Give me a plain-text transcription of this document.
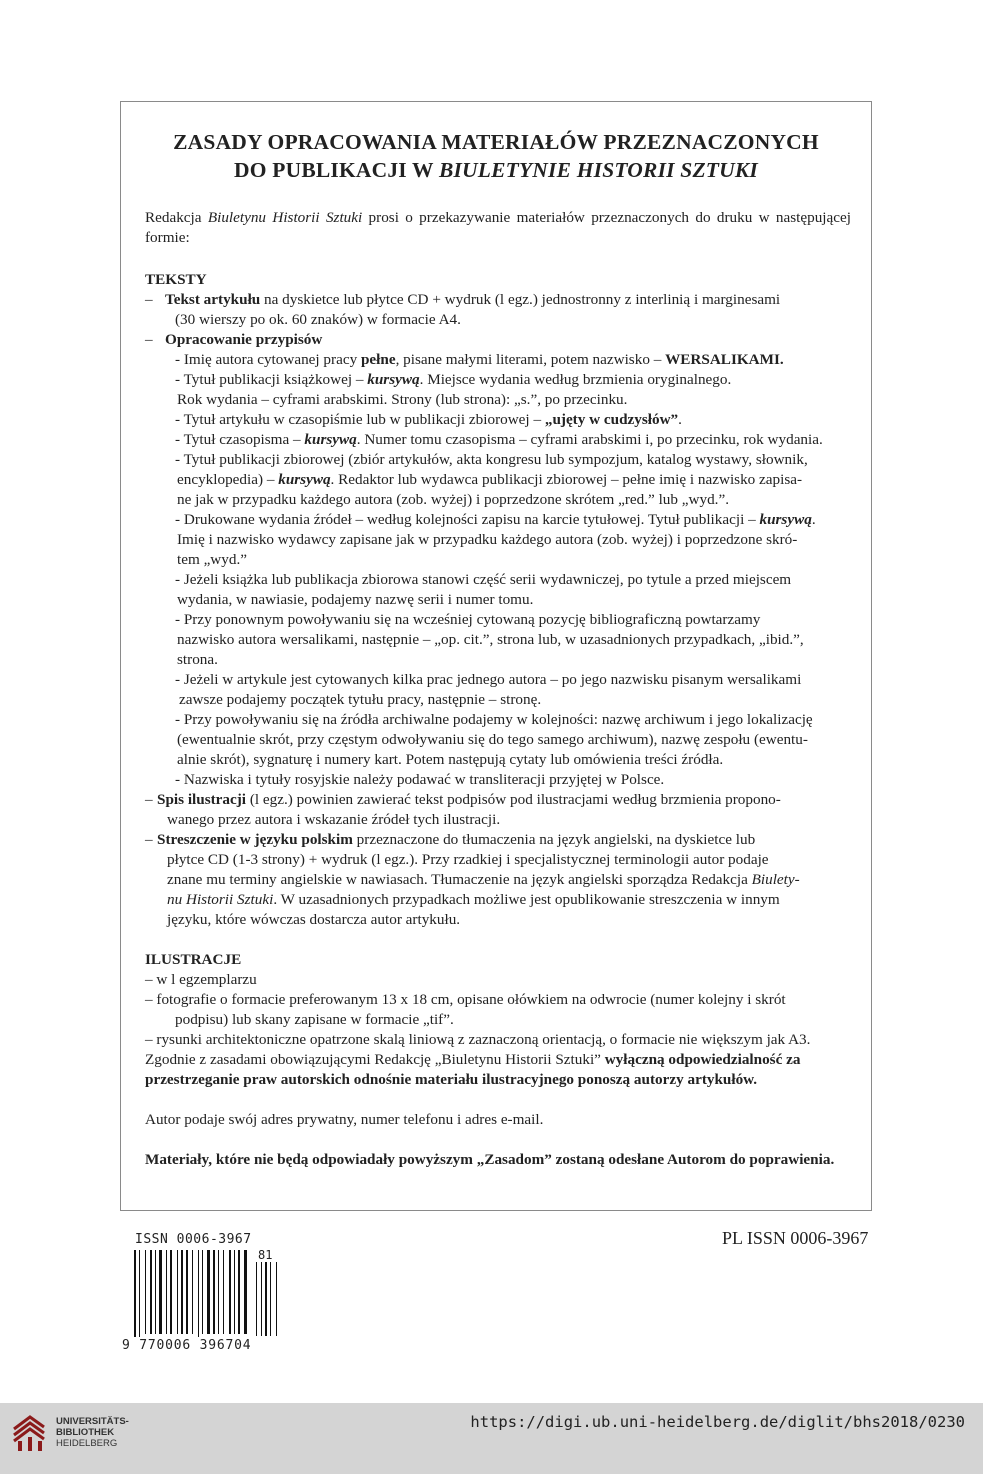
ZASADY OPRACOWANIA MATERIAŁÓW PRZEZNACZONYCH
DO PUBLIKACJI W BIULETYNIE HISTORII SZTUKI

Redakcja Biuletynu Historii Sztuki prosi o przekazywanie materiałów przeznaczonych do druku w następującej formie:

TEKSTY

– Tekst artykułu na dyskietce lub płytce CD + wydruk (l egz.) jednostronny z interlinią i marginesami
(30 wierszy po ok. 60 znaków) w formacie A4.
– Opracowanie przypisów
- Imię autora cytowanej pracy pełne, pisane małymi literami, potem nazwisko – WERSALIKAMI.
- Tytuł publikacji książkowej – kursywą. Miejsce wydania według brzmienia oryginalnego.
Rok wydania – cyframi arabskimi. Strony (lub strona): „s.”, po przecinku.
- Tytuł artykułu w czasopiśmie lub w publikacji zbiorowej – „ujęty w cudzysłów”.
- Tytuł czasopisma – kursywą. Numer tomu czasopisma – cyframi arabskimi i, po przecinku, rok wydania.
- Tytuł publikacji zbiorowej (zbiór artykułów, akta kongresu lub sympozjum, katalog wystawy, słownik,
encyklopedia) – kursywą. Redaktor lub wydawca publikacji zbiorowej – pełne imię i nazwisko zapisa-
ne jak w przypadku każdego autora (zob. wyżej) i poprzedzone skrótem „red.” lub „wyd.”.
- Drukowane wydania źródeł – według kolejności zapisu na karcie tytułowej. Tytuł publikacji – kursywą.
Imię i nazwisko wydawcy zapisane jak w przypadku każdego autora (zob. wyżej) i poprzedzone skró-
tem „wyd.”
- Jeżeli książka lub publikacja zbiorowa stanowi część serii wydawniczej, po tytule a przed miejscem
wydania, w nawiasie, podajemy nazwę serii i numer tomu.
- Przy ponownym powoływaniu się na wcześniej cytowaną pozycję bibliograficzną powtarzamy
nazwisko autora wersalikami, następnie – „op. cit.”, strona lub, w uzasadnionych przypadkach, „ibid.”,
strona.
- Jeżeli w artykule jest cytowanych kilka prac jednego autora – po jego nazwisku pisanym wersalikami
zawsze podajemy początek tytułu pracy, następnie – stronę.
- Przy powoływaniu się na źródła archiwalne podajemy w kolejności: nazwę archiwum i jego lokalizację
(ewentualnie skrót, przy częstym odwoływaniu się do tego samego archiwum), nazwę zespołu (ewentu-
alnie skrót), sygnaturę i numery kart. Potem następują cytaty lub omówienia treści źródła.
- Nazwiska i tytuły rosyjskie należy podawać w transliteracji przyjętej w Polsce.
– Spis ilustracji (l egz.) powinien zawierać tekst podpisów pod ilustracjami według brzmienia propono-
wanego przez autora i wskazanie źródeł tych ilustracji.
– Streszczenie w języku polskim przeznaczone do tłumaczenia na język angielski, na dyskietce lub
płytce CD (1-3 strony) + wydruk (l egz.). Przy rzadkiej i specjalistycznej terminologii autor podaje
znane mu terminy angielskie w nawiasach. Tłumaczenie na język angielski sporządza Redakcja Biulety-
nu Historii Sztuki. W uzasadnionych przypadkach możliwe jest opublikowanie streszczenia w innym
języku, które wówczas dostarcza autor artykułu.

ILUSTRACJE

– w l egzemplarzu

– fotografie o formacie preferowanym 13 x 18 cm, opisane ołówkiem na odwrocie (numer kolejny i skrót
podpisu) lub skany zapisane w formacie „tif”.

– rysunki architektoniczne opatrzone skalą liniową z zaznaczoną orientacją, o formacie nie większym jak A3.

Zgodnie z zasadami obowiązującymi Redakcję „Biuletynu Historii Sztuki” wyłączną odpowiedzialność za
przestrzeganie praw autorskich odnośnie materiału ilustracyjnego ponoszą autorzy artykułów.

Autor podaje swój adres prywatny, numer telefonu i adres e-mail.

Materiały, które nie będą odpowiadały powyższym „Zasadom” zostaną odesłane Autorom do poprawienia.

PL ISSN 0006-3967
ISSN 0006-3967
81
9 770006 396704
UNIVERSITÄTS-
BIBLIOTHEK
HEIDELBERG
https://digi.ub.uni-heidelberg.de/diglit/bhs2018/0230
